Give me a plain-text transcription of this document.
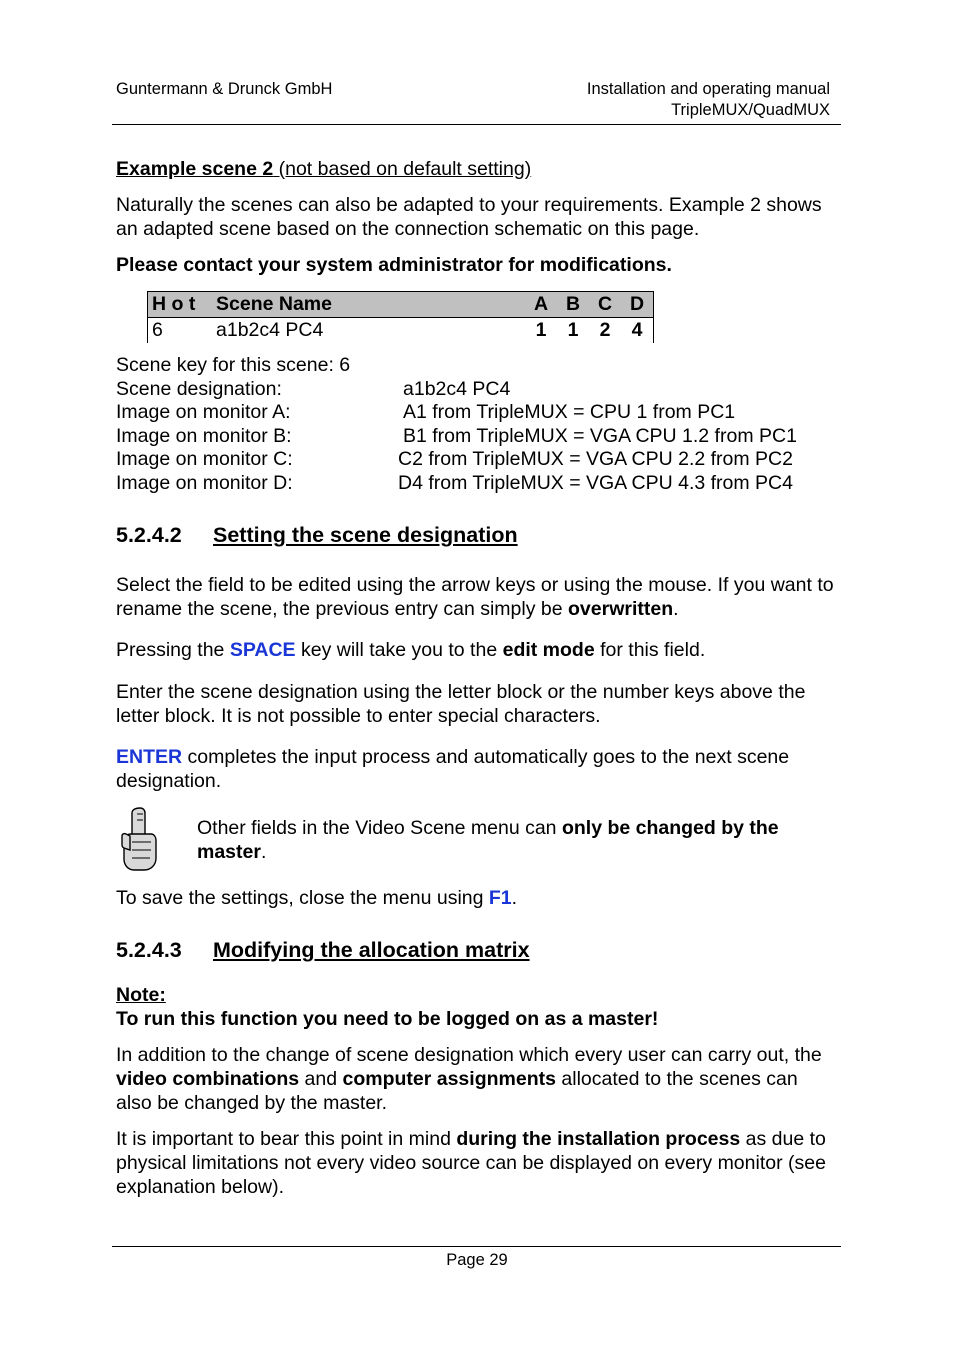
Guntermann & Drunck GmbH	Installation and operating manual
TripleMUX/QuadMUX
Example scene 2 (not based on default setting)
Naturally the scenes can also be adapted to your requirements. Example 2 shows an adapted scene based on the connection schematic on this page.
Please contact your system administrator for modifications.
H o t	Scene Name	A	B	C	D
6	a1b2c4 PC4	1	1	2	4
Scene key for this scene: 6
Scene designation:	a1b2c4 PC4
Image on monitor A:	A1 from TripleMUX = CPU 1 from PC1
Image on monitor B:	B1 from TripleMUX = VGA CPU 1.2 from PC1
Image on monitor C:	C2 from TripleMUX = VGA CPU 2.2 from PC2
Image on monitor D:	D4 from TripleMUX = VGA CPU 4.3 from PC4
5.2.4.2 Setting the scene designation
Select the field to be edited using the arrow keys or using the mouse. If you want to rename the scene, the previous entry can simply be overwritten.
Pressing the SPACE key will take you to the edit mode for this field.
Enter the scene designation using the letter block or the number keys above the letter block. It is not possible to enter special characters.
ENTER completes the input process and automatically goes to the next scene designation.
Other fields in the Video Scene menu can only be changed by the master.
To save the settings, close the menu using F1.
5.2.4.3 Modifying the allocation matrix
Note:
To run this function you need to be logged on as a master!
In addition to the change of scene designation which every user can carry out, the video combinations and computer assignments allocated to the scenes can also be changed by the master.
It is important to bear this point in mind during the installation process as due to physical limitations not every video source can be displayed on every monitor (see explanation below).
Page 29
